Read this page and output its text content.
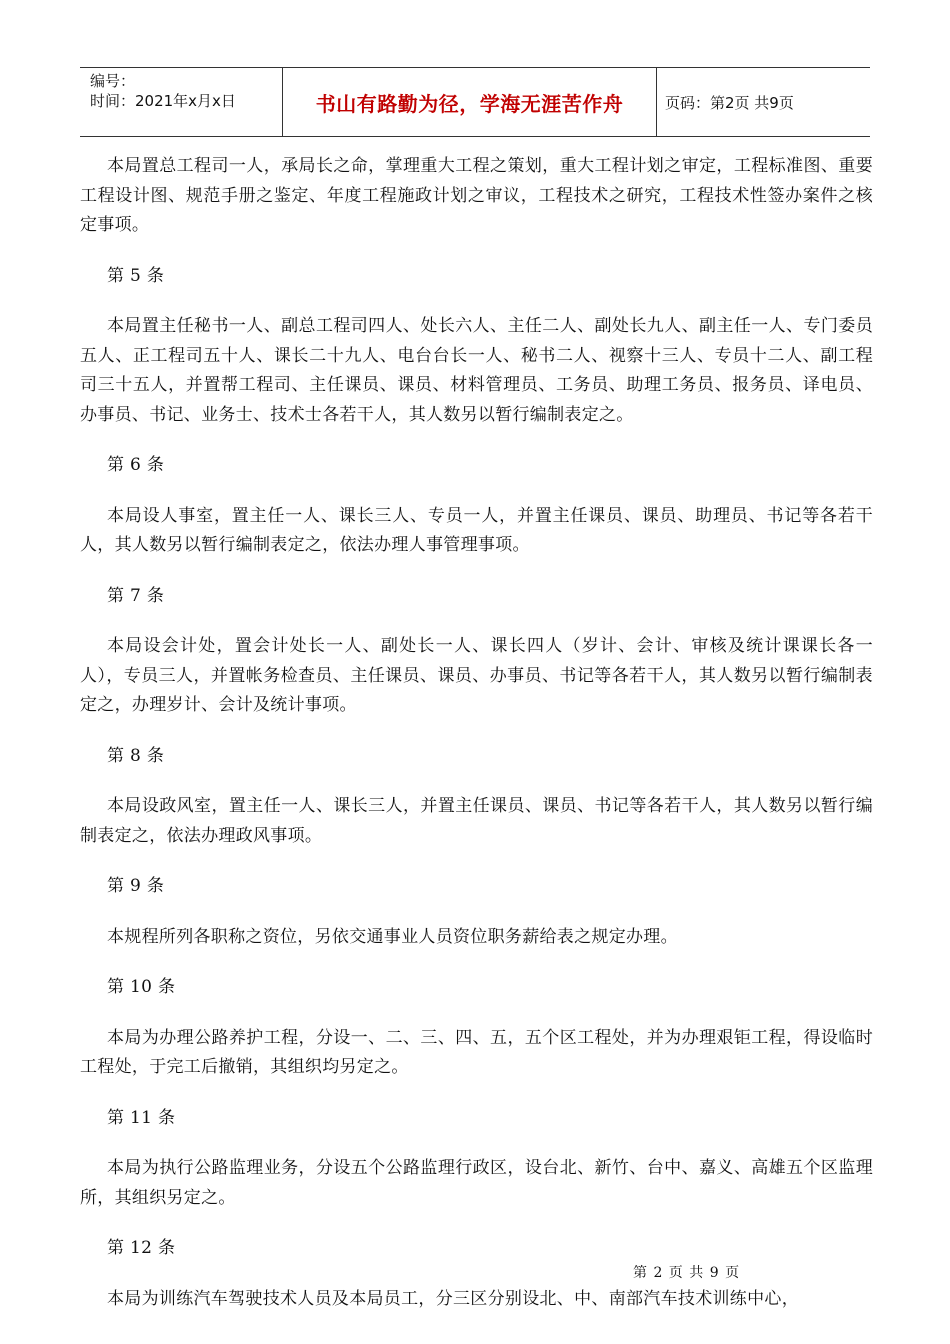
编号：
时间：2021年x月x日	书山有路勤为径，学海无涯苦作舟	页码：第2页 共9页

本局置总工程司一人，承局长之命，掌理重大工程之策划，重大工程计划之审定，工程标准图、重要工程设计图、规范手册之鉴定、年度工程施政计划之审议，工程技术之研究，工程技术性签办案件之核定事项。

第 5 条

本局置主任秘书一人、副总工程司四人、处长六人、主任二人、副处长九人、副主任一人、专门委员五人、正工程司五十人、课长二十九人、电台台长一人、秘书二人、视察十三人、专员十二人、副工程司三十五人，并置帮工程司、主任课员、课员、材料管理员、工务员、助理工务员、报务员、译电员、办事员、书记、业务士、技术士各若干人，其人数另以暂行编制表定之。

第 6 条

本局设人事室，置主任一人、课长三人、专员一人，并置主任课员、课员、助理员、书记等各若干人，其人数另以暂行编制表定之，依法办理人事管理事项。

第 7 条

本局设会计处，置会计处长一人、副处长一人、课长四人（岁计、会计、审核及统计课课长各一人），专员三人，并置帐务检查员、主任课员、课员、办事员、书记等各若干人，其人数另以暂行编制表定之，办理岁计、会计及统计事项。

第 8 条

本局设政风室，置主任一人、课长三人，并置主任课员、课员、书记等各若干人，其人数另以暂行编制表定之，依法办理政风事项。

第 9 条

本规程所列各职称之资位，另依交通事业人员资位职务薪给表之规定办理。

第 10 条

本局为办理公路养护工程，分设一、二、三、四、五，五个区工程处，并为办理艰钜工程，得设临时工程处，于完工后撤销，其组织均另定之。

第 11 条

本局为执行公路监理业务，分设五个公路监理行政区，设台北、新竹、台中、嘉义、高雄五个区监理所，其组织另定之。

第 12 条

本局为训练汽车驾驶技术人员及本局员工，分三区分别设北、中、南部汽车技术训练中心，

第 2 页 共 9 页
